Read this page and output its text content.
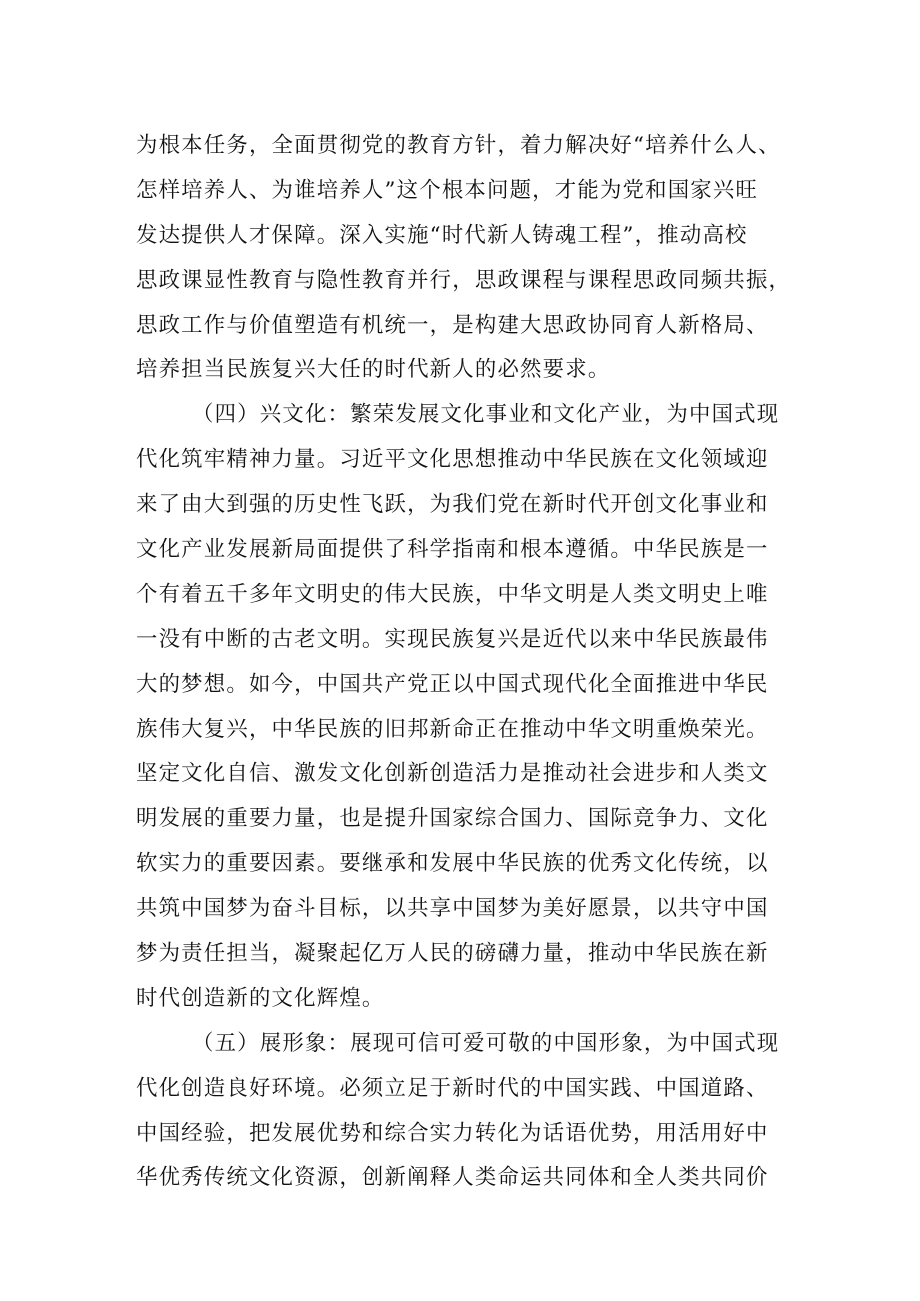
为根本任务，全面贯彻党的教育方针，着力解决好“培养什么人、
怎样培养人、为谁培养人”这个根本问题，才能为党和国家兴旺
发达提供人才保障。深入实施“时代新人铸魂工程”，推动高校
思政课显性教育与隐性教育并行，思政课程与课程思政同频共振，
思政工作与价值塑造有机统一，是构建大思政协同育人新格局、
培养担当民族复兴大任的时代新人的必然要求。
（四）兴文化：繁荣发展文化事业和文化产业，为中国式现
代化筑牢精神力量。习近平文化思想推动中华民族在文化领域迎
来了由大到强的历史性飞跃，为我们党在新时代开创文化事业和
文化产业发展新局面提供了科学指南和根本遵循。中华民族是一
个有着五千多年文明史的伟大民族，中华文明是人类文明史上唯
一没有中断的古老文明。实现民族复兴是近代以来中华民族最伟
大的梦想。如今，中国共产党正以中国式现代化全面推进中华民
族伟大复兴，中华民族的旧邦新命正在推动中华文明重焕荣光。
坚定文化自信、激发文化创新创造活力是推动社会进步和人类文
明发展的重要力量，也是提升国家综合国力、国际竞争力、文化
软实力的重要因素。要继承和发展中华民族的优秀文化传统，以
共筑中国梦为奋斗目标，以共享中国梦为美好愿景，以共守中国
梦为责任担当，凝聚起亿万人民的磅礴力量，推动中华民族在新
时代创造新的文化辉煌。
（五）展形象：展现可信可爱可敬的中国形象，为中国式现
代化创造良好环境。必须立足于新时代的中国实践、中国道路、
中国经验，把发展优势和综合实力转化为话语优势，用活用好中
华优秀传统文化资源，创新阐释人类命运共同体和全人类共同价
